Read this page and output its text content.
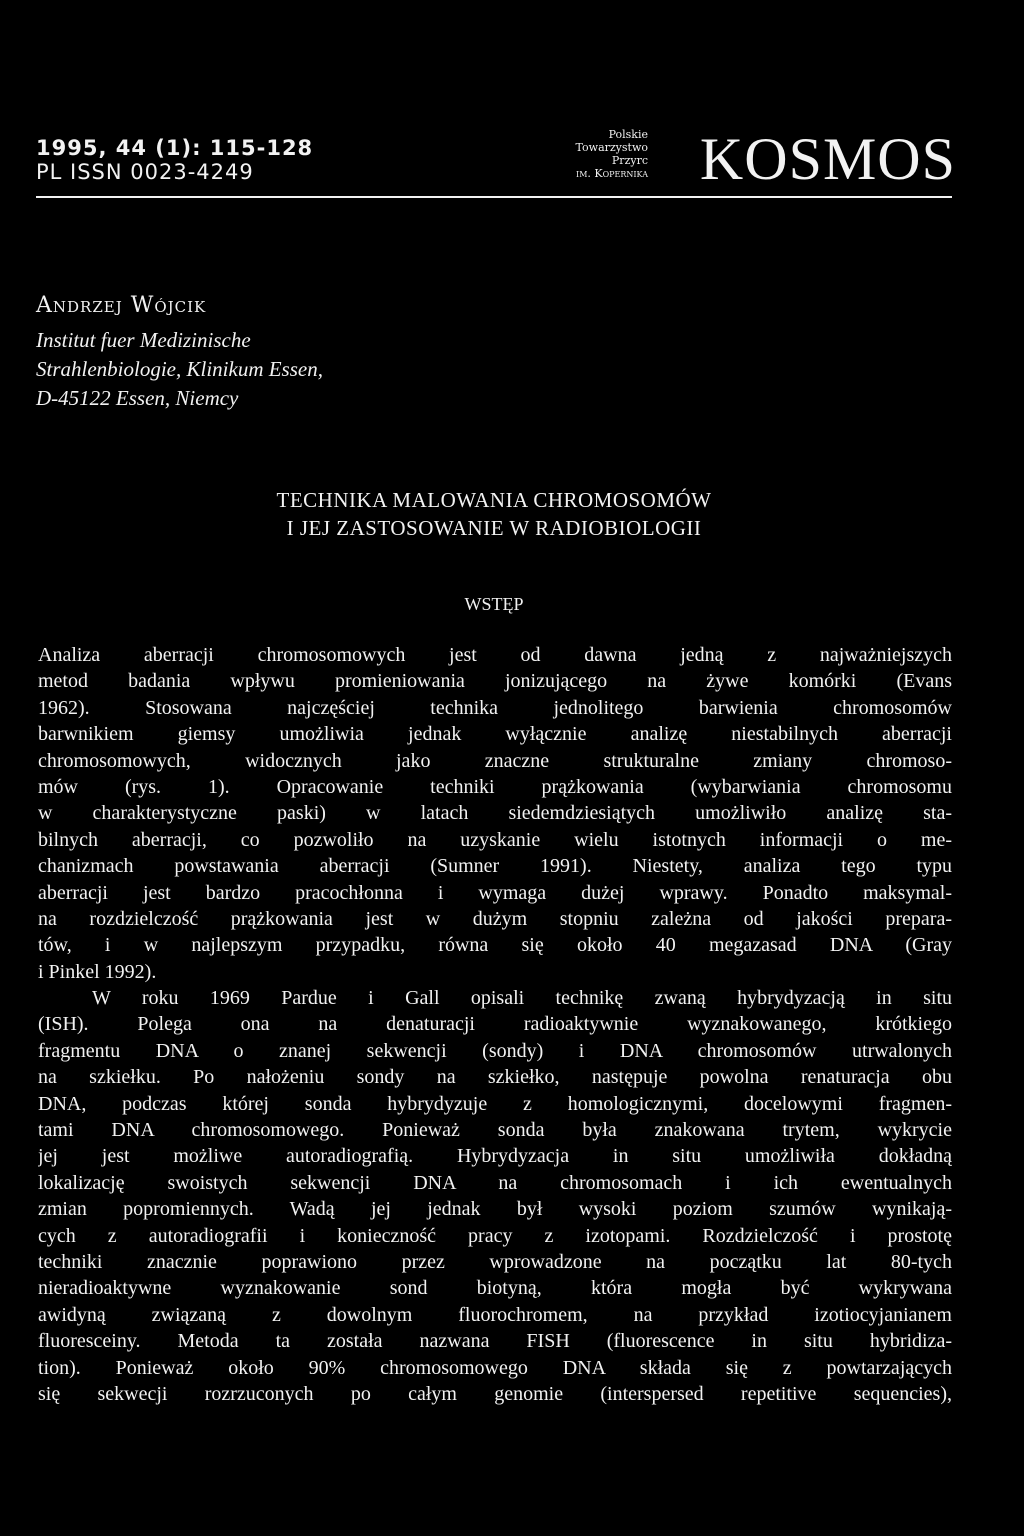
1995, 44 (1): 115-128
PL ISSN 0023-4249
Polskie
Towarzystwo
Przyrc
im. Kopernika KOSMOS
Andrzej Wójcik
Institut fuer Medizinische
Strahlenbiologie, Klinikum Essen,
D-45122 Essen, Niemcy
TECHNIKA MALOWANIA CHROMOSOMÓW
I JEJ ZASTOSOWANIE W RADIOBIOLOGII
WSTĘP
Analiza aberracji chromosomowych jest od dawna jedną z najważniejszych
metod badania wpływu promieniowania jonizującego na żywe komórki (Evans
1962). Stosowana najczęściej technika jednolitego barwienia chromosomów
barwnikiem giemsy umożliwia jednak wyłącznie analizę niestabilnych aberracji
chromosomowych, widocznych jako znaczne strukturalne zmiany chromoso-
mów (rys. 1). Opracowanie techniki prążkowania (wybarwiania chromosomu
w charakterystyczne paski) w latach siedemdziesiątych umożliwiło analizę sta-
bilnych aberracji, co pozwoliło na uzyskanie wielu istotnych informacji o me-
chanizmach powstawania aberracji (Sumner 1991). Niestety, analiza tego typu
aberracji jest bardzo pracochłonna i wymaga dużej wprawy. Ponadto maksymal-
na rozdzielczość prążkowania jest w dużym stopniu zależna od jakości prepara-
tów, i w najlepszym przypadku, równa się około 40 megazasad DNA (Gray
i Pinkel 1992).
W roku 1969 Pardue i Gall opisali technikę zwaną hybrydyzacją in situ
(ISH). Polega ona na denaturacji radioaktywnie wyznakowanego, krótkiego
fragmentu DNA o znanej sekwencji (sondy) i DNA chromosomów utrwalonych
na szkiełku. Po nałożeniu sondy na szkiełko, następuje powolna renaturacja obu
DNA, podczas której sonda hybrydyzuje z homologicznymi, docelowymi fragmen-
tami DNA chromosomowego. Ponieważ sonda była znakowana trytem, wykrycie
jej jest możliwe autoradiografią. Hybrydyzacja in situ umożliwiła dokładną
lokalizację swoistych sekwencji DNA na chromosomach i ich ewentualnych
zmian popromiennych. Wadą jej jednak był wysoki poziom szumów wynikają-
cych z autoradiografii i konieczność pracy z izotopami. Rozdzielczość i prostotę
techniki znacznie poprawiono przez wprowadzone na początku lat 80-tych
nieradioaktywne wyznakowanie sond biotyną, która mogła być wykrywana
awidyną związaną z dowolnym fluorochromem, na przykład izotiocyjanianem
fluoresceiny. Metoda ta została nazwana FISH (fluorescence in situ hybridiza-
tion). Ponieważ około 90% chromosomowego DNA składa się z powtarzających
się sekwecji rozrzuconych po całym genomie (interspersed repetitive sequencies),
